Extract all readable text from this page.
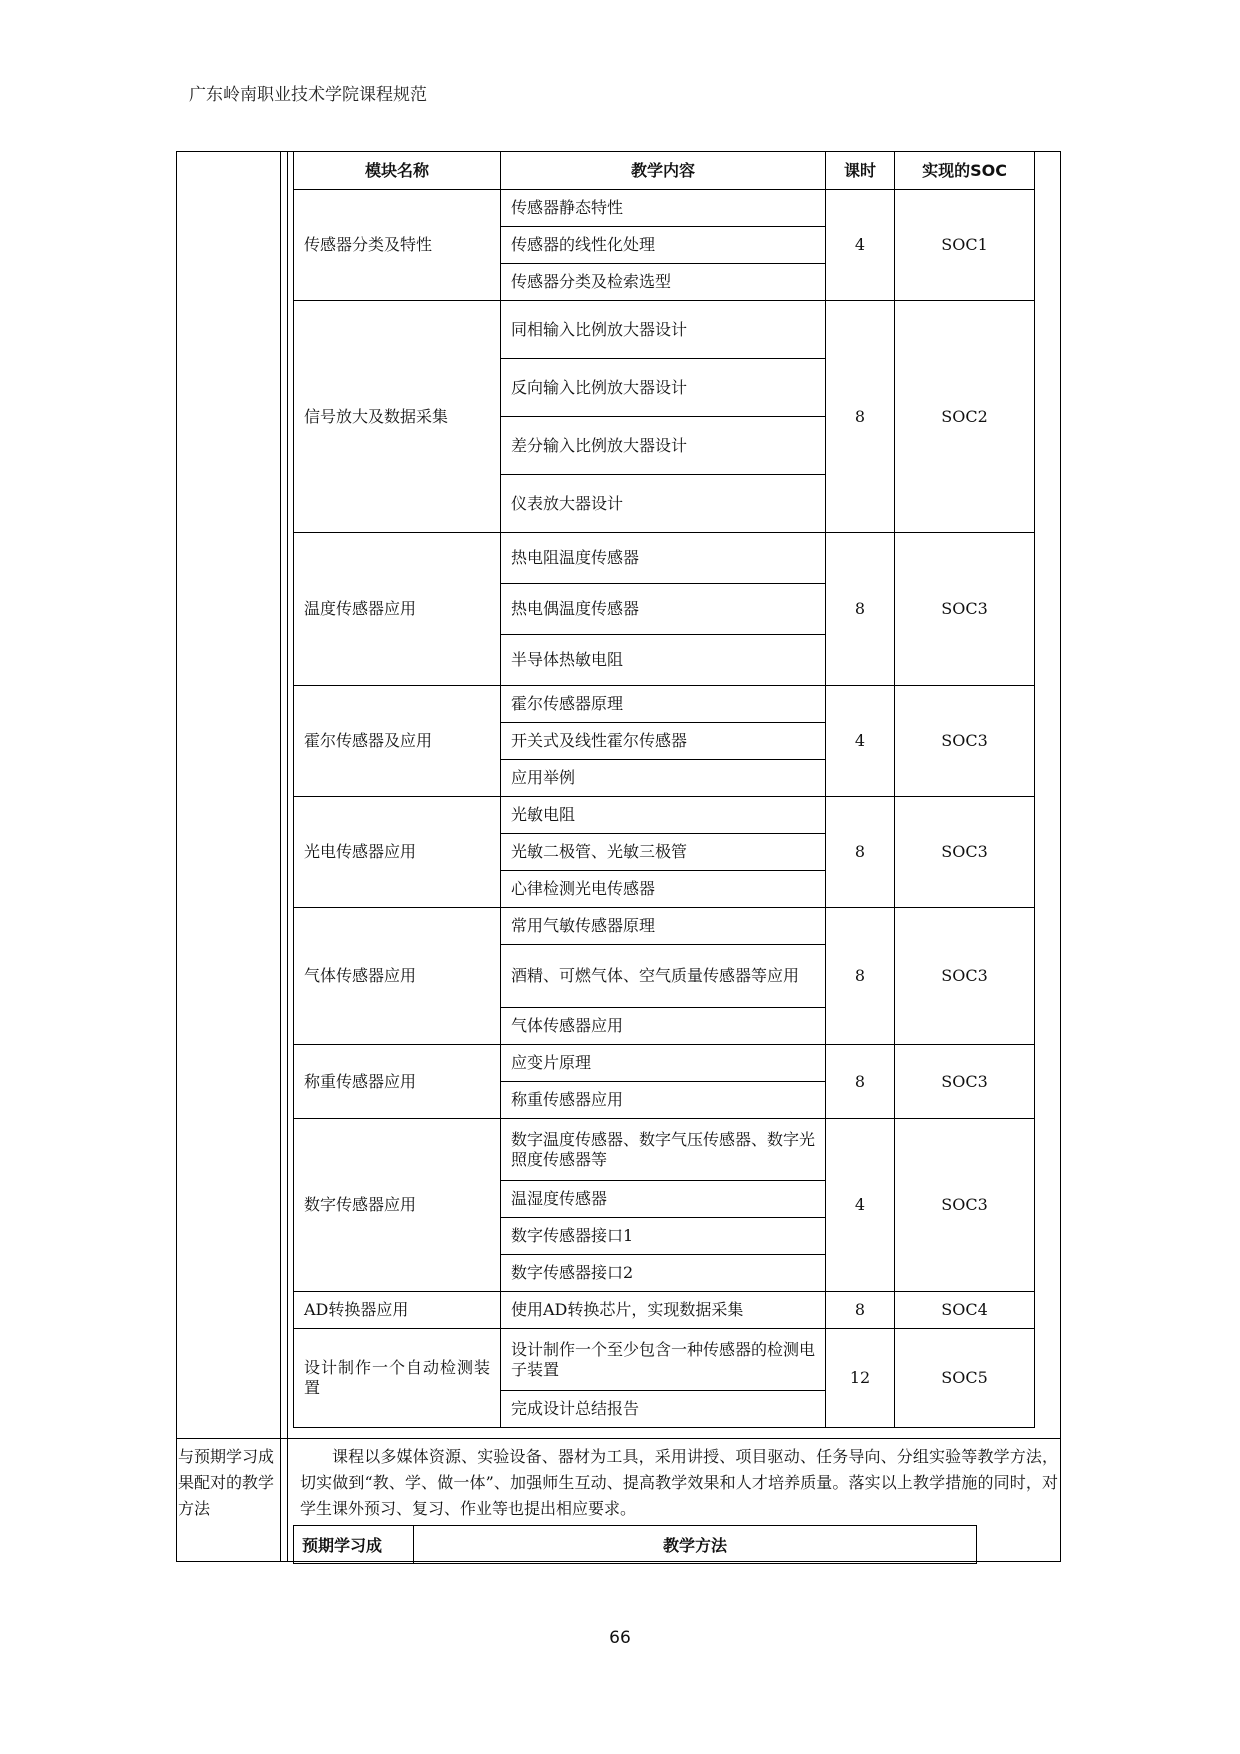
广东岭南职业技术学院课程规范
模块名称	教学内容	课时	实现的SOC
传感器分类及特性	传感器静态特性	4	SOC1
	传感器的线性化处理		
	传感器分类及检索选型		
信号放大及数据采集	同相输入比例放大器设计	8	SOC2
	反向输入比例放大器设计		
	差分输入比例放大器设计		
	仪表放大器设计		
温度传感器应用	热电阻温度传感器	8	SOC3
	热电偶温度传感器		
	半导体热敏电阻		
霍尔传感器及应用	霍尔传感器原理	4	SOC3
	开关式及线性霍尔传感器		
	应用举例		
光电传感器应用	光敏电阻	8	SOC3
	光敏二极管、光敏三极管		
	心律检测光电传感器		
气体传感器应用	常用气敏传感器原理	8	SOC3
	酒精、可燃气体、空气质量传感器等应用		
	气体传感器应用		
称重传感器应用	应变片原理	8	SOC3
	称重传感器应用		
数字传感器应用	数字温度传感器、数字气压传感器、数字光照度传感器等	4	SOC3
	温湿度传感器		
	数字传感器接口1		
	数字传感器接口2		
AD转换器应用	使用AD转换芯片，实现数据采集	8	SOC4
设计制作一个自动检测装置	设计制作一个至少包含一种传感器的检测电子装置	12	SOC5
	完成设计总结报告		
与预期学习成果配对的教学方法
课程以多媒体资源、实验设备、器材为工具，采用讲授、项目驱动、任务导向、分组实验等教学方法，切实做到“教、学、做一体”、加强师生互动、提高教学效果和人才培养质量。落实以上教学措施的同时，对学生课外预习、复习、作业等也提出相应要求。
预期学习成	教学方法
66
